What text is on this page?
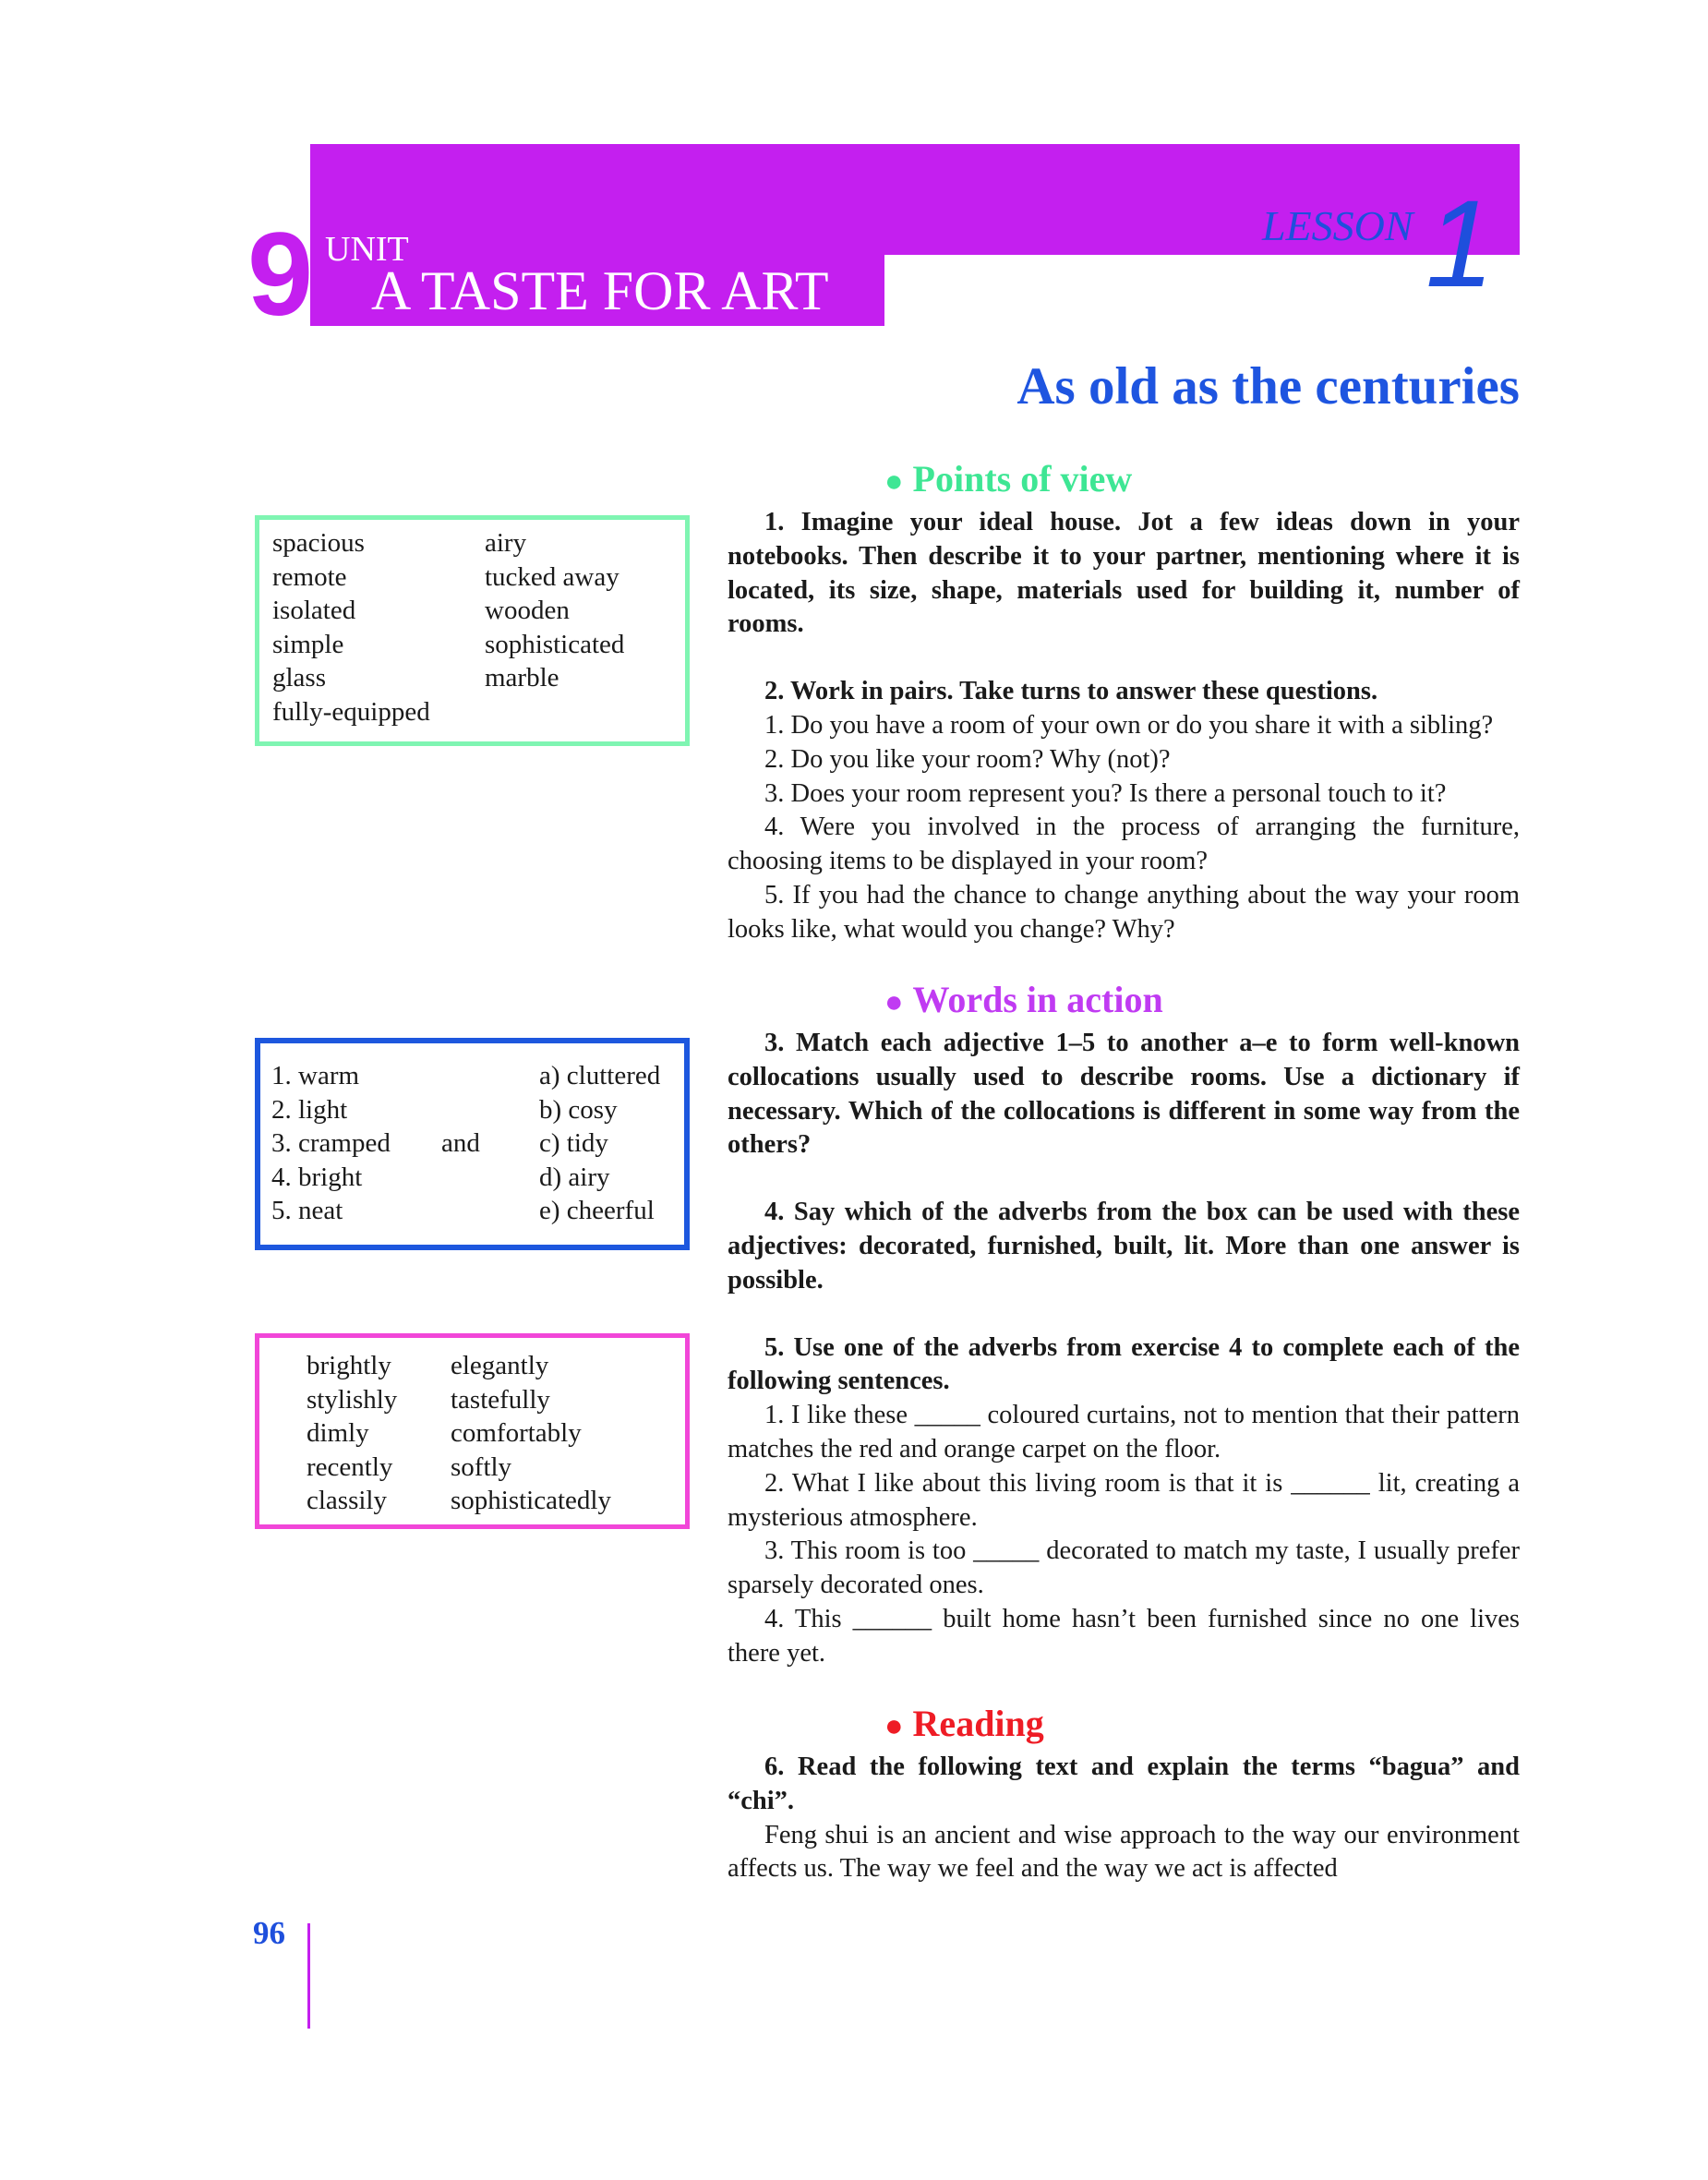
9 UNIT
A TASTE FOR ART
LESSON 1
As old as the centuries
● Points of view

1. Imagine your ideal house. Jot a few ideas down in your notebooks. Then describe it to your partner, mentioning where it is located, its size, shape, materials used for building it, number of rooms.

2. Work in pairs. Take turns to answer these questions.

1. Do you have a room of your own or do you share it with a sibling?

2. Do you like your room? Why (not)?

3. Does your room represent you? Is there a personal touch to it?

4. Were you involved in the process of arranging the furniture, choosing items to be displayed in your room?

5. If you had the chance to change anything about the way your room looks like, what would you change? Why?

● Words in action

3. Match each adjective 1–5 to another a–e to form well-known collocations usually used to describe rooms. Use a dictionary if necessary. Which of the collocations is different in some way from the others?

4. Say which of the adverbs from the box can be used with these adjectives: decorated, furnished, built, lit. More than one answer is possible.

5. Use one of the adverbs from exercise 4 to complete each of the following sentences.

1. I like these _____ coloured curtains, not to mention that their pattern matches the red and orange carpet on the floor.

2. What I like about this living room is that it is ______ lit, creating a mysterious atmosphere.

3. This room is too _____ decorated to match my taste, I usually prefer sparsely decorated ones.

4. This ______ built home hasn’t been furnished since no one lives there yet.

● Reading

6. Read the following text and explain the terms “bagua” and “chi”.

Feng shui is an ancient and wise approach to the way our environment affects us. The way we feel and the way we act is affected

spacious
remote
isolated
simple
glass
fully-equipped
airy
tucked away
wooden
sophisticated
marble
1. warm
2. light
3. cramped
4. bright
5. neat
and
a) cluttered
b) cosy
c) tidy
d) airy
e) cheerful
brightly
stylishly
dimly
recently
classily
elegantly
tastefully
comfortably
softly
sophisticatedly
96
